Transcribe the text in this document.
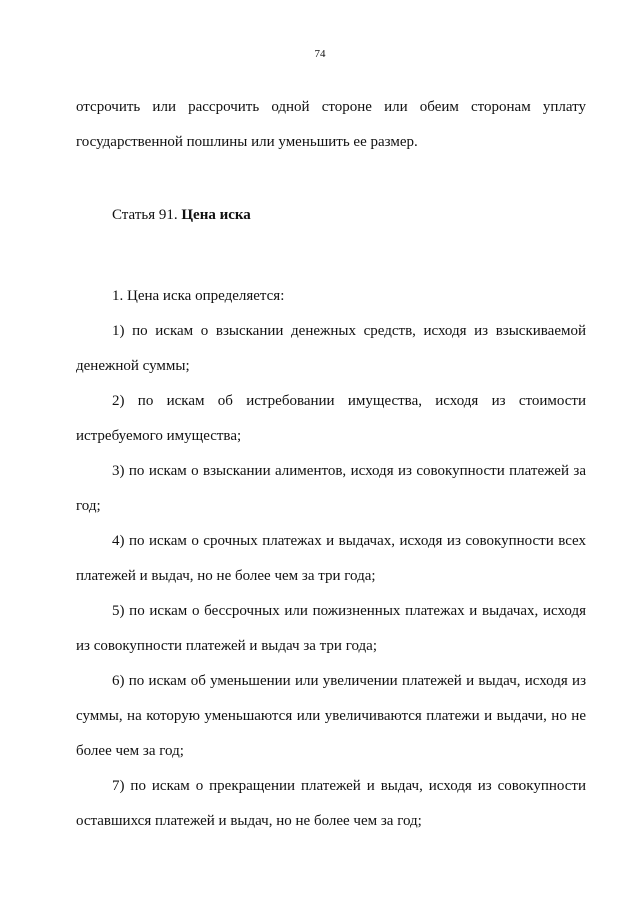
74
отсрочить или рассрочить одной стороне или обеим сторонам уплату
государственной пошлины или уменьшить ее размер.
Статья 91. Цена иска
1. Цена иска определяется:
1) по искам о взыскании денежных средств, исходя из взыскиваемой
денежной суммы;
2) по искам об истребовании имущества, исходя из стоимости
истребуемого имущества;
3) по искам о взыскании алиментов, исходя из совокупности платежей за
год;
4) по искам о срочных платежах и выдачах, исходя из совокупности всех
платежей и выдач, но не более чем за три года;
5) по искам о бессрочных или пожизненных платежах и выдачах, исходя
из совокупности платежей и выдач за три года;
6) по искам об уменьшении или увеличении платежей и выдач, исходя из
суммы, на которую уменьшаются или увеличиваются платежи и выдачи, но не
более чем за год;
7) по искам о прекращении платежей и выдач, исходя из совокупности
оставшихся платежей и выдач, но не более чем за год;
